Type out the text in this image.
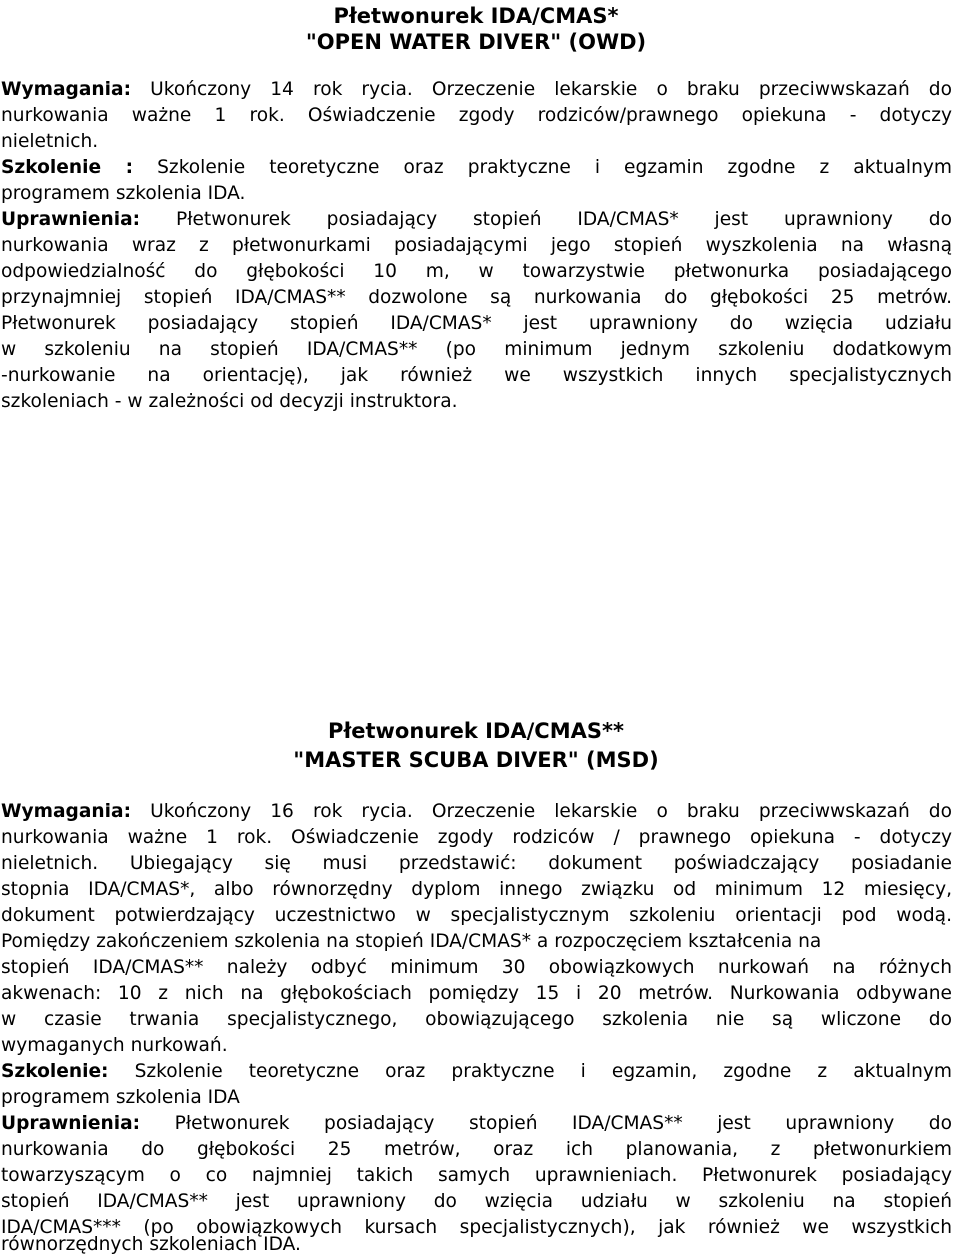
Płetwonurek IDA/CMAS*
"OPEN WATER DIVER" (OWD)
Wymagania: Ukończony 14 rok rycia. Orzeczenie lekarskie o braku przeciwwskazań do
nurkowania ważne 1 rok. Oświadczenie zgody rodziców/prawnego opiekuna - dotyczy
nieletnich.
Szkolenie : Szkolenie teoretyczne oraz praktyczne i egzamin zgodne z aktualnym
programem szkolenia IDA.
Uprawnienia: Płetwonurek posiadający stopień IDA/CMAS* jest uprawniony do
nurkowania wraz z płetwonurkami posiadającymi jego stopień wyszkolenia na własną
odpowiedzialność do głębokości 10 m, w towarzystwie płetwonurka posiadającego
przynajmniej stopień IDA/CMAS** dozwolone są nurkowania do głębokości 25 metrów.
Płetwonurek posiadający stopień IDA/CMAS* jest uprawniony do wzięcia udziału
w szkoleniu na stopień IDA/CMAS** (po minimum jednym szkoleniu dodatkowym
-nurkowanie na orientację), jak również we wszystkich innych specjalistycznych
szkoleniach - w zależności od decyzji instruktora.
Płetwonurek IDA/CMAS**
"MASTER SCUBA DIVER" (MSD)
Wymagania: Ukończony 16 rok rycia. Orzeczenie lekarskie o braku przeciwwskazań do
nurkowania ważne 1 rok. Oświadczenie zgody rodziców / prawnego opiekuna - dotyczy
nieletnich. Ubiegający się musi przedstawić: dokument poświadczający posiadanie
stopnia IDA/CMAS*, albo równorzędny dyplom innego związku od minimum 12 miesięcy,
dokument potwierdzający uczestnictwo w specjalistycznym szkoleniu orientacji pod wodą.
Pomiędzy zakończeniem szkolenia na stopień IDA/CMAS* a rozpoczęciem kształcenia na
stopień IDA/CMAS** należy odbyć minimum 30 obowiązkowych nurkowań na różnych
akwenach: 10 z nich na głębokościach pomiędzy 15 i 20 metrów. Nurkowania odbywane
w czasie trwania specjalistycznego, obowiązującego szkolenia nie są wliczone do
wymaganych nurkowań.
Szkolenie: Szkolenie teoretyczne oraz praktyczne i egzamin, zgodne z aktualnym
programem szkolenia IDA
Uprawnienia: Płetwonurek posiadający stopień IDA/CMAS** jest uprawniony do
nurkowania do głębokości 25 metrów, oraz ich planowania, z płetwonurkiem
towarzyszącym o co najmniej takich samych uprawnieniach. Płetwonurek posiadający
stopień IDA/CMAS** jest uprawniony do wzięcia udziału w szkoleniu na stopień
IDA/CMAS*** (po obowiązkowych kursach specjalistycznych), jak również we wszystkich
równorzędnych szkoleniach IDA.
